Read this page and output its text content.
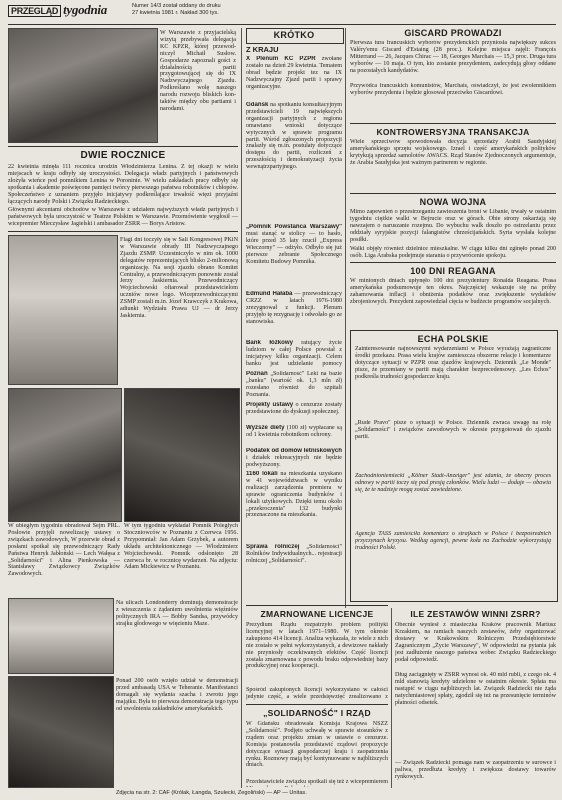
PRZEGLĄD tygodnia	Numer 14/3 został oddany do druku
27 kwietnia 1981 r. Nakład 300 tys.
W Warszawie z przyjacielską wizytą przebywała delegacja KC KPZR, której przewodniczył Michaił Susłow. Gospodarze zapoznali gości z działalnością partii przygotowującej się do IX Nadzwyczajnego Zjazdu. Podkreślano wolę naszego narodu rozwoju bliskich kontaktów między obu partiami i narodami.
DWIE ROCZNICE
22 kwietnia minęła 111 rocznica urodzin Włodzimierza Lenina. Z tej okazji w wielu miejscach w kraju odbyły się uroczystości. Delegacja władz partyjnych i państwowych złożyła wieńce pod pomnikiem Lenina w Poroninie. W wielu zakładach pracy odbyły się spotkania i akademie poświęcone pamięci twórcy pierwszego państwa robotników i chłopów. Społeczeństwo z uznaniem przyjęło inicjatywy podkreślające trwałość więzi przyjaźni łączących narody Polski i Związku Radzieckiego.
Głównymi akcentami obchodów w Warszawie z udziałem najwyższych władz partyjnych i państwowych była uroczystość w Teatrze Polskim w Warszawie. Przemówienie wygłosił — wicepremier Mieczysław Jagielski i ambasador ZSRR — Borys Aristow.
Flagi dni toczyły się w Sali Kongresowej PKiN w Warszawie obrady III Nadzwyczajnego Zjazdu ZSMP. Uczestniczyło w nim ok. 1000 delegatów reprezentujących blisko 2-milionową organizację. Na sesji zjazdu obrano Komitet Centralny, a przewodniczącym ponownie został Jerzy Jaskiernia. Przewodniczący Wojciechowski ofiarował przedstawicielom uczniów nowe logo. Wiceprzewodniczącymi ZSMP zostali m.in. Józef Krawczyk z Krakowa, adiunkt Wydziału Prawa UJ — dr Jerzy Jaskiernia.
W ubiegłym tygodniu obradował Sejm PRL. Posłowie przyjęli nowelizację ustawy o związkach zawodowych, W przerwie obrad z posłami spotkał się przewodniczący Rady Państwa Henryk Jabłoński — Lech Wałęsa z „Solidarności" i Alina Pienkowska — Stanisławy Związkowcy Związków Zawodowych.
W tym tygodniu wykładał Pomnik Poległych Stoczniowców w Poznaniu z Czerwca 1956. Przypomniał: Jan Adam Grzybek, a autorem układu architektonicznego — Włodzimierz Wojciechowski. Pomnik odsłonięto 28 czerwca br. w rocznicę wydarzeń. Na zdjęciu: Adam Mickiewicz w Poznaniu.
Na ulicach Londonderry dominują demonstracje z wieszczenia z żądaniem uwolnienia więźniów politycznych IRA — Bobby Sandsa, przywódcy strajku głodowego w więzieniu Maze.
Ponad 200 osób wzięło udział w demonstracji przed ambasadą USA w Teheranie. Manifestanci domagali się wydania szacha i zwrotu jego majątku. Była to pierwsza demonstracja tego typu od uwolnienia zakładników amerykańskich.
Zdjęcia na str. 2: CAF (Królak, Łangda, Szulecki, Zegoliński) — AP — Unitas.
KRÓTKO
Z KRAJU
X Plenum KC PZPR zwołane zostało na dzień 29 kwietnia. Tematem obrad będzie projekt tez na IX Nadzwyczajny Zjazd partii i sprawy organizacyjne.
Gdańsk na spotkaniu konsultacyjnym przedstawicieli 19 największych organizacji partyjnych z regionu omawiano wnioski dotyczące wytycznych w sprawie programu partii. Wśród zgłoszonych propozycji znalazły się m.in. postulaty dotyczące dostępu do partii, rozliczeń z przeszłością i demokratyzacji życia wewnątrzpartyjnego.
„Pomnik Powstańca Warszawy" musi stanąć w stolicy — to hasło, które przed 35 laty rzucił „Express Wieczorny" — odżyło. Odbyło się już pierwsze zebranie Społecznego Komitetu Budowy Pomnika.
Edmund Hałaba — przewodniczący CRZZ w latach 1976-1980 zrezygnował z funkcji. Plenum przyjęło tę rezygnację i odwołało go ze stanowiska.
Bank łóżkowy ratujący życie ludziom w całej Polsce powstał z inicjatywy kilku organizacji. Celem banku jest udzielanie pomocy
Poznań „Solidarność" Leki na bazie „banku" (wartość ok. 1,3 mln zł) rozesłano również do szpitali Poznania.
Projekty ustawy o cenzurze zostały przedstawione do dyskusji społecznej.
Wyższe diety (100 zł) wypłacane są od 1 kwietnia robotnikom ochrony.
Podatek od domów letniskowych i działek rekreacyjnych nie będzie podwyższony.
1160 lokali na mieszkania uzyskano w 41 województwach w wyniku realizacji zarządzenia premiera w sprawie ograniczenia budynków i lokali użytkowych. Dzięki temu około „przekroczenia" 132 budynki przeznaczone na mieszkania.
Sprawa rolniczej „Solidarności" Rolników Indywidualnych... rejestracji rolniczej „Solidarności".
ZMARNOWANE LICENCJE
Prezydium Rządu rozpatrzyło problem polityki licencyjnej w latach 1971–1980. W tym okresie zakupiono 414 licencji. Analiza wykazała, że wiele z nich nie zostało w pełni wykorzystanych, a dewizowe nakłady nie przyniosły oczekiwanych efektów. Część licencji została zmarnowana z powodu braku odpowiedniej bazy produkcyjnej oraz kooperacji.
Spośród zakupionych licencji wykorzystano w całości jedynie część, a wiele przedsięwzięć zrealizowano z
„SOLIDARNOŚĆ" I RZĄD
W Gdańsku obradowała Komisja Krajowa NSZZ „Solidarność". Podjęto uchwałę w sprawie stosunków z rządem oraz projektu zmian w ustawie o cenzurze. Komisja postanowiła przedstawić rządowi propozycje dotyczące sytuacji gospodarczej kraju i zaopatrzenia rynku. Rozmowy mają być kontynuowane w najbliższych dniach.
Przedstawiciele związku spotkali się też z wicepremierem
GISCARD PROWADZI
Pierwsza tura francuskich wyborów prezydenckich przyniosła największy sukces Valéry'emu Giscard d'Estaing (28 proc.). Kolejne miejsca zajęli: François Mitterrand — 26, Jacques Chirac — 18, Georges Marchais — 15,3 proc. Druga tura wyborów — 10 maja. O tym, kto zostanie prezydentem, zadecydują głosy oddane na pozostałych kandydatów.
Przywódca francuskich komunistów, Marchais, oświadczył, że jest zwolennikiem wyborów prezydenta i będzie głosował przeciwko Giscardowi.
KONTROWERSYJNA TRANSAKCJA
Wiele sprzeciwów spowodowała decyzja sprzedaży Arabii Saudyjskiej amerykańskiego sprzętu wojskowego. Izrael i część amerykańskich polityków krytykują sprzedaż samolotów AWACS. Rząd Stanów Zjednoczonych argumentuje, że Arabia Saudyjska jest ważnym partnerem w regionie.
NOWA WOJNA
Mimo zapewnień o przestrzeganiu zawieszenia broni w Libanie, trwały w ostatnim tygodniu ciężkie walki w Bejrucie oraz w górach. Obie strony oskarżają się nawzajem o naruszanie rozejmu. Do wybuchu walk doszło po ostrzelaniu przez oddziały syryjskie pozycji falangistów chrześcijańskich. Syria wysłała kolejne posiłki.
Walki objęły również dzielnice mieszkalne. W ciągu kilku dni zginęło ponad 200 osób. Liga Arabska podejmuje starania o przywrócenie spokoju.
100 DNI REAGANA
W minionych dniach upłynęło 100 dni prezydentury Ronalda Reagana. Prasa amerykańska podsumowuje ten okres. Najczęściej wskazuje się na próby zahamowania inflacji i obniżenia podatków oraz zwiększenie wydatków zbrojeniowych. Prezydent zapowiedział cięcia w budżecie programów socjalnych.
ECHA POLSKIE
Zainteresowanie najnowszymi wydarzeniami w Polsce wyrażają zagraniczne środki przekazu. Prasa wielu krajów zamieszcza obszerne relacje i komentarze dotyczące sytuacji w PZPR oraz zjazdów krajowych. Dziennik „Le Monde" pisze, że przemiany w partii mają charakter bezprecedensowy. „Les Échos" podkreśla trudności gospodarcze kraju.
„Rude Pravo" pisze o sytuacji w Polsce. Dziennik zwraca uwagę na rolę „Solidarności" i związków zawodowych w okresie przygotowań do zjazdu partii.
Zachodnioniemiecki „Kölner Stadt-Anzeiger" jest zdania, że obecny proces odnowy w partii toczy się pod presją członków. Wielu ludzi — dodaje — obawia się, że te nadzieje mogą zostać zawiedzione.
Agencja TASS zamieściła komentarz o strajkach w Polsce i bezpośrednich przyczynach kryzysu. Według agencji, pewne koła na Zachodzie wykorzystują trudności Polski.
ILE ZESTAWÓW WINNI ZSRR?
Obecnie wyniesł z miasteczka Kraków pracownik Mariusz Krzakiem, na ramiach naszych zestawów, żeby organizować dostawy w Krakowskim Rolniczym Przedsiębiorstwie Zagranicznym „Życie Warszawy", W odpowiedzi na pytania jak jest zadłużenie naszego państwa wobec Związku Radzieckiego podał odpowiedź.
Dług zaciągnięty w ZSRR wynosi ok. 40 mld rubli, z czego ok. 4 mld stanowią kredyty udzielone w ostatnim okresie. Spłata ma nastąpić w ciągu najbliższych lat. Związek Radziecki nie żąda natychmiastowej spłaty, zgodził się też na przesunięcie terminów płatności odsetek.
— Związek Radziecki pomaga nam w zaopatrzeniu w surowce i paliwa, przedłuża kredyty i zwiększa dostawy towarów rynkowych.
